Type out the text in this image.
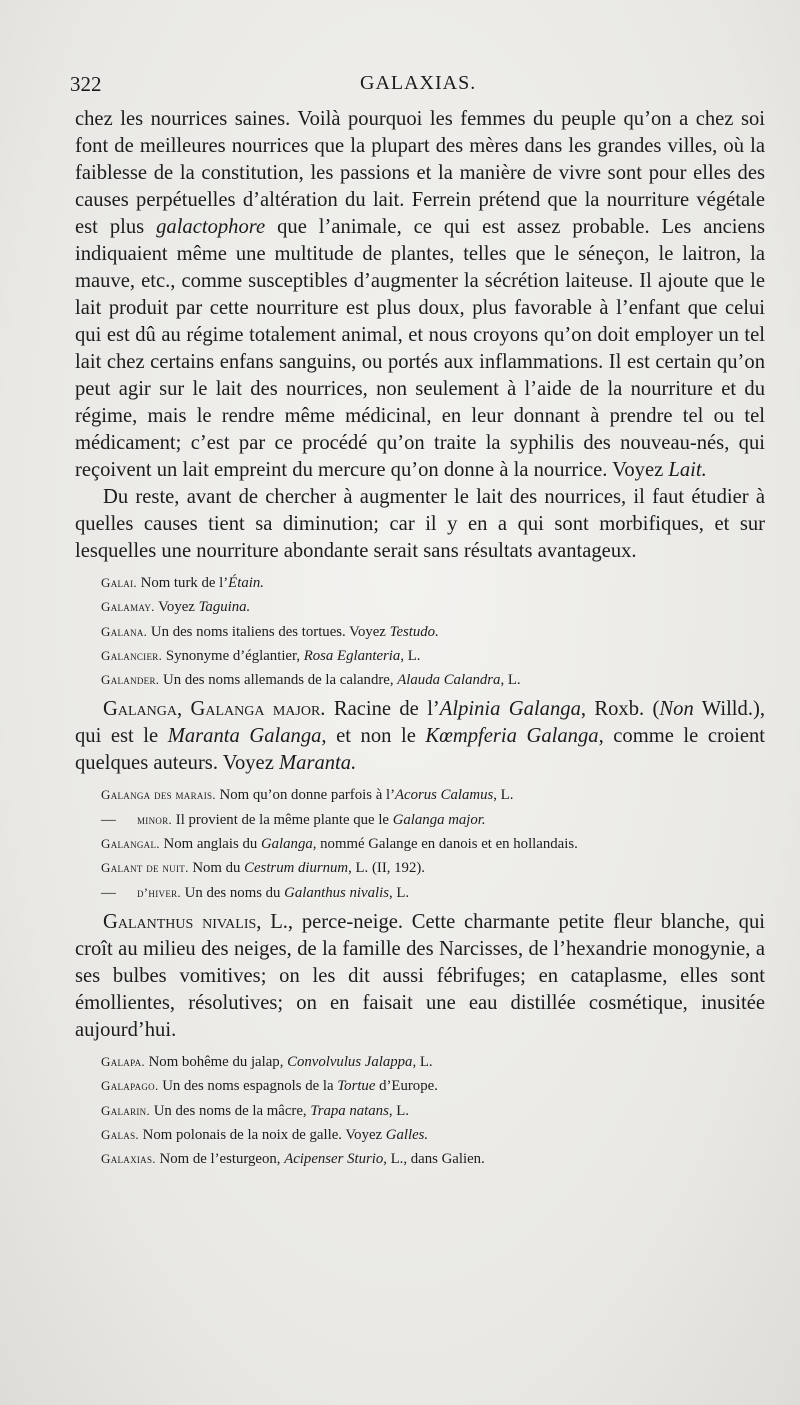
322	GALAXIAS.

chez les nourrices saines. Voilà pourquoi les femmes du peuple qu’on a chez soi font de meilleures nourrices que la plupart des mères dans les grandes villes, où la faiblesse de la constitution, les passions et la manière de vivre sont pour elles des causes perpétuelles d’altération du lait. Ferrein prétend que la nourriture végétale est plus galactophore que l’animale, ce qui est assez probable. Les anciens indiquaient même une multitude de plantes, telles que le séneçon, le laitron, la mauve, etc., comme susceptibles d’augmenter la sécrétion laiteuse. Il ajoute que le lait produit par cette nourriture est plus doux, plus favorable à l’enfant que celui qui est dû au régime totalement animal, et nous croyons qu’on doit employer un tel lait chez certains enfans sanguins, ou portés aux inflammations. Il est certain qu’on peut agir sur le lait des nourrices, non seulement à l’aide de la nourriture et du régime, mais le rendre même médicinal, en leur donnant à prendre tel ou tel médicament; c’est par ce procédé qu’on traite la syphilis des nouveau-nés, qui reçoivent un lait empreint du mercure qu’on donne à la nourrice. Voyez Lait.

Du reste, avant de chercher à augmenter le lait des nourrices, il faut étudier à quelles causes tient sa diminution; car il y en a qui sont morbifiques, et sur lesquelles une nourriture abondante serait sans résultats avantageux.

Galai. Nom turk de l’Étain.

Galamay. Voyez Taguina.

Galana. Un des noms italiens des tortues. Voyez Testudo.

Galancier. Synonyme d’églantier, Rosa Eglanteria, L.

Galander. Un des noms allemands de la calandre, Alauda Calandra, L.

Galanga, Galanga major. Racine de l’Alpinia Galanga, Roxb. (Non Willd.), qui est le Maranta Galanga, et non le Kœmpferia Galanga, comme le croient quelques auteurs. Voyez Maranta.

Galanga des marais. Nom qu’on donne parfois à l’Acorus Calamus, L.

— minor. Il provient de la même plante que le Galanga major.

Galangal. Nom anglais du Galanga, nommé Galange en danois et en hollandais.

Galant de nuit. Nom du Cestrum diurnum, L. (II, 192).

— d’hiver. Un des noms du Galanthus nivalis, L.

Galanthus nivalis, L., perce-neige. Cette charmante petite fleur blanche, qui croît au milieu des neiges, de la famille des Narcisses, de l’hexandrie monogynie, a ses bulbes vomitives; on les dit aussi fébrifuges; en cataplasme, elles sont émollientes, résolutives; on en faisait une eau distillée cosmétique, inusitée aujourd’hui.

Galapa. Nom bohême du jalap, Convolvulus Jalappa, L.

Galapago. Un des noms espagnols de la Tortue d’Europe.

Galarin. Un des noms de la mâcre, Trapa natans, L.

Galas. Nom polonais de la noix de galle. Voyez Galles.

Galaxias. Nom de l’esturgeon, Acipenser Sturio, L., dans Galien.
